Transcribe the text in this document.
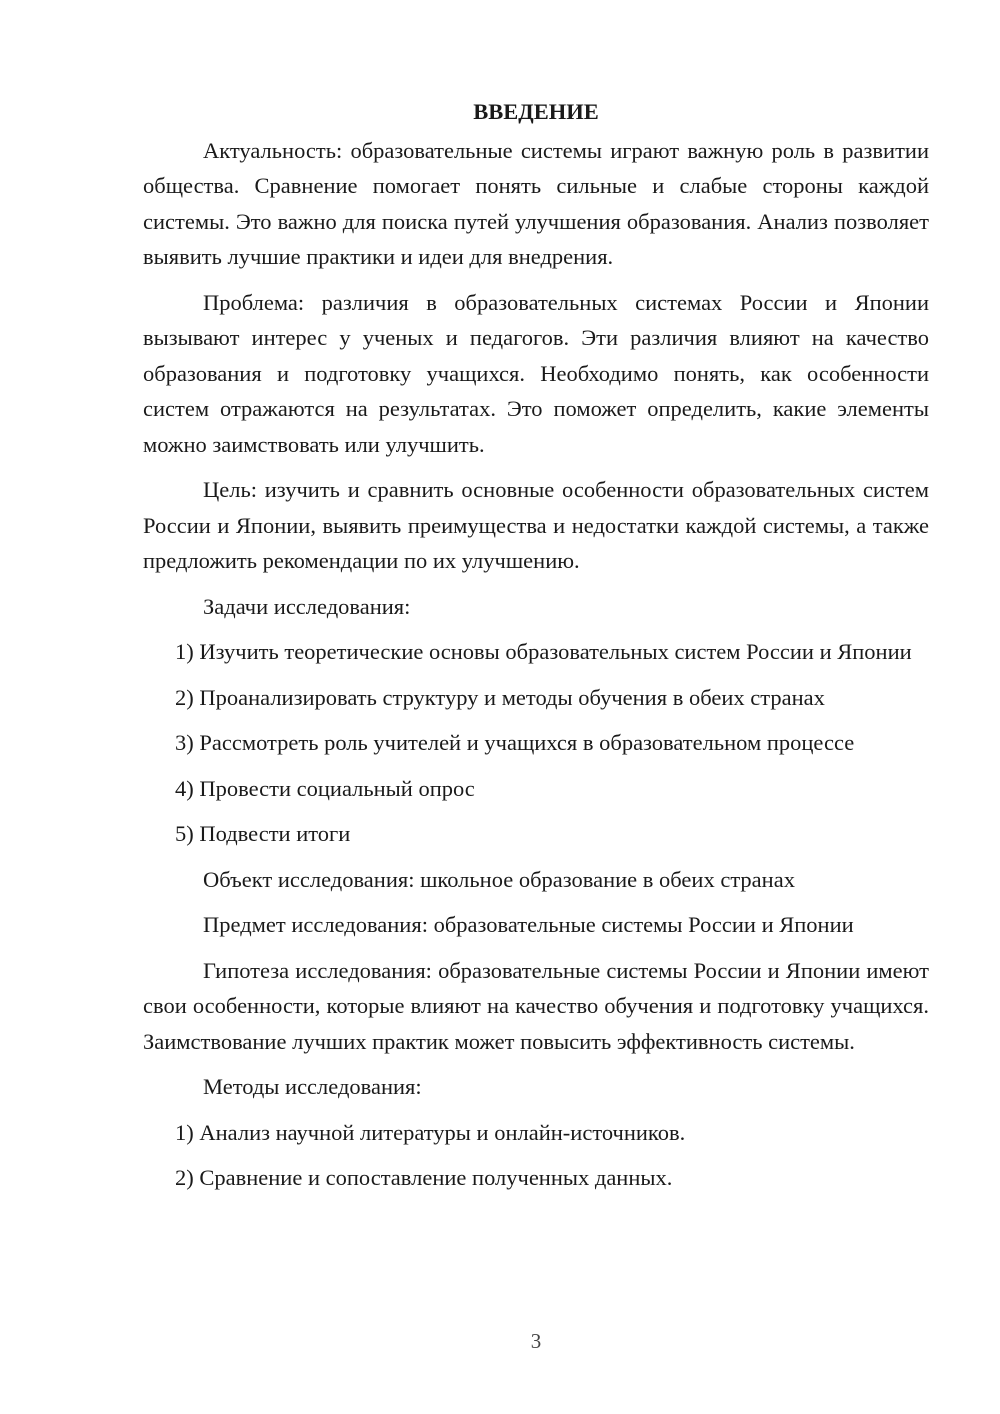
ВВЕДЕНИЕ

Актуальность: образовательные системы играют важную роль в развитии общества. Сравнение помогает понять сильные и слабые стороны каждой системы. Это важно для поиска путей улучшения образования. Анализ позволяет выявить лучшие практики и идеи для внедрения.

Проблема: различия в образовательных системах России и Японии вызывают интерес у ученых и педагогов. Эти различия влияют на качество образования и подготовку учащихся. Необходимо понять, как особенности систем отражаются на результатах. Это поможет определить, какие элементы можно заимствовать или улучшить.

Цель: изучить и сравнить основные особенности образовательных систем России и Японии, выявить преимущества и недостатки каждой системы, а также предложить рекомендации по их улучшению.

Задачи исследования:

1) Изучить теоретические основы образовательных систем России и Японии

2) Проанализировать структуру и методы обучения в обеих странах

3) Рассмотреть роль учителей и учащихся в образовательном процессе

4) Провести социальный опрос

5) Подвести итоги

Объект исследования: школьное образование в обеих странах

Предмет исследования: образовательные системы России и Японии

Гипотеза исследования: образовательные системы России и Японии имеют свои особенности, которые влияют на качество обучения и подготовку учащихся. Заимствование лучших практик может повысить эффективность системы.

Методы исследования:

1) Анализ научной литературы и онлайн-источников.

2) Сравнение и сопоставление полученных данных.

3
